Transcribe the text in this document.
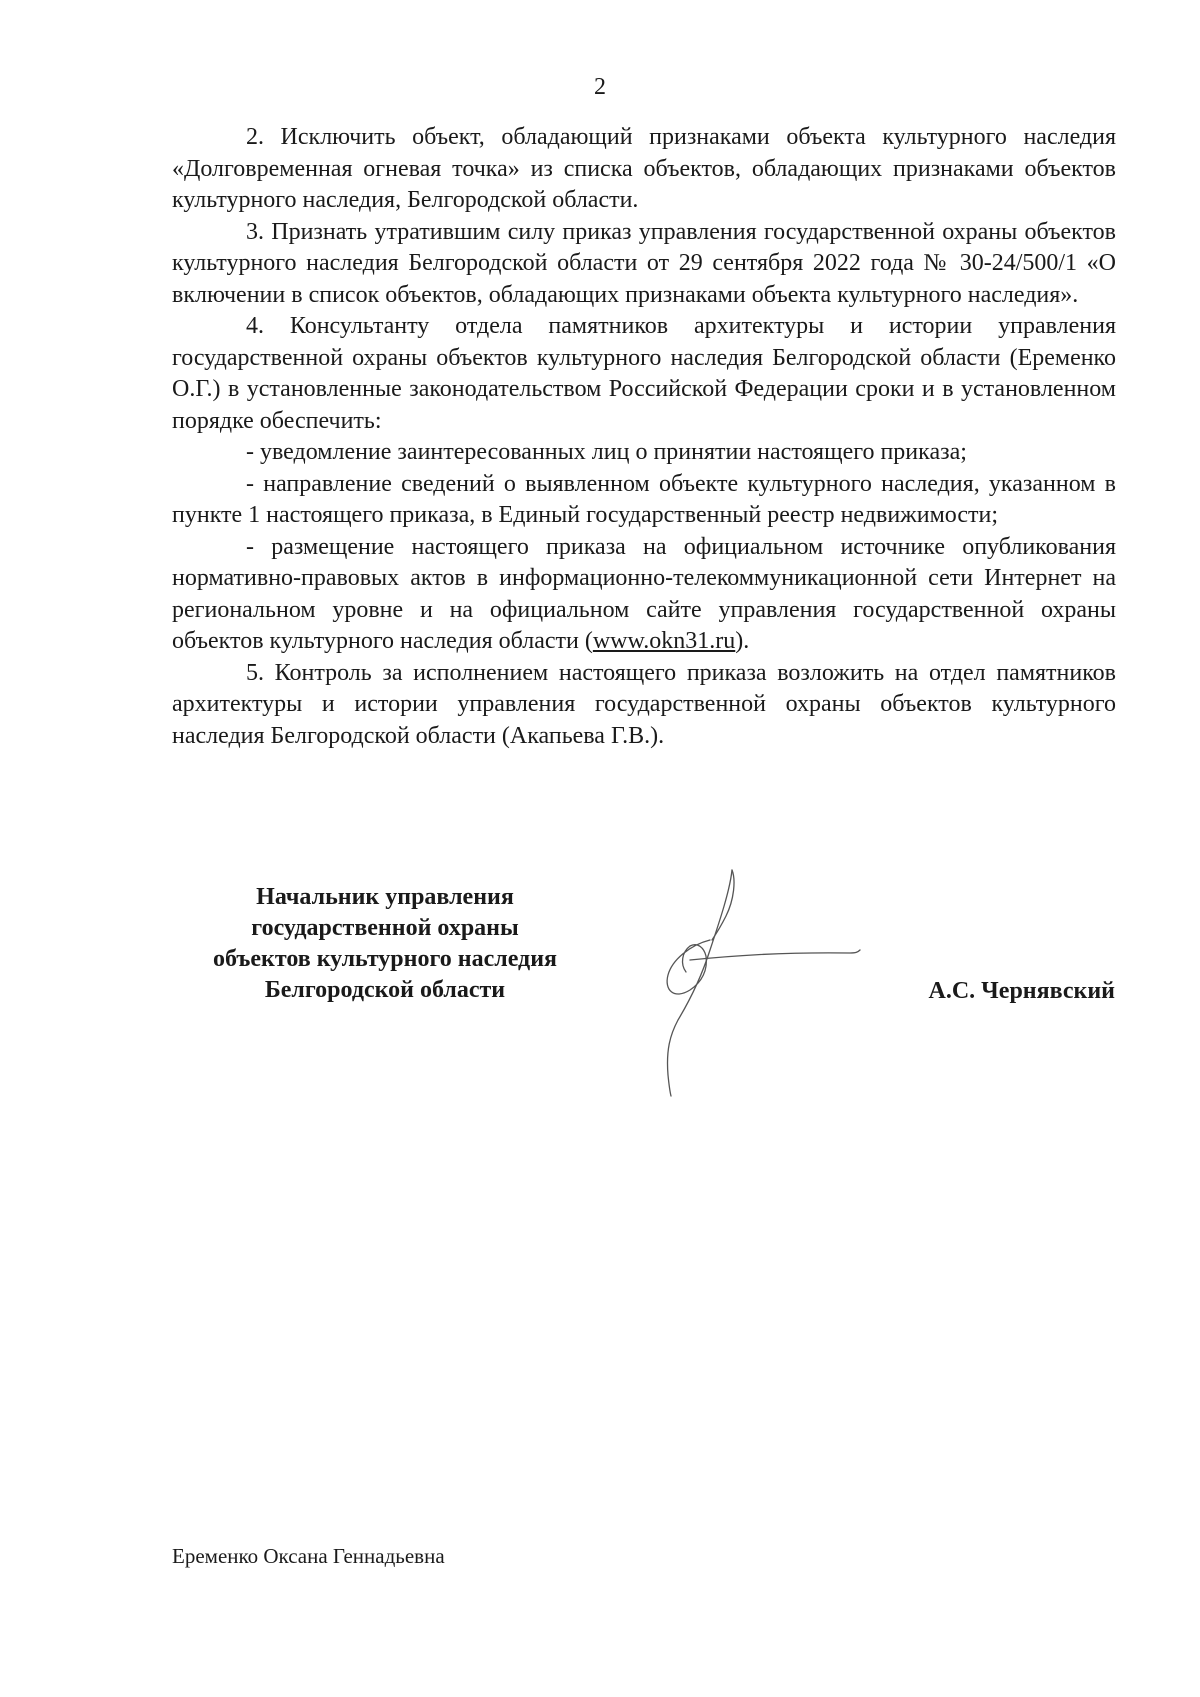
2

2. Исключить объект, обладающий признаками объекта культурного наследия «Долговременная огневая точка» из списка объектов, обладающих признаками объектов культурного наследия, Белгородской области.

3. Признать утратившим силу приказ управления государственной охраны объектов культурного наследия Белгородской области от 29 сентября 2022 года № 30-24/500/1 «О включении в список объектов, обладающих признаками объекта культурного наследия».

4. Консультанту отдела памятников архитектуры и истории управления государственной охраны объектов культурного наследия Белгородской области (Еременко О.Г.) в установленные законодательством Российской Федерации сроки и в установленном порядке обеспечить:

- уведомление заинтересованных лиц о принятии настоящего приказа;

- направление сведений о выявленном объекте культурного наследия, указанном в пункте 1 настоящего приказа, в Единый государственный реестр недвижимости;

- размещение настоящего приказа на официальном источнике опубликования нормативно-правовых актов в информационно-телекоммуникационной сети Интернет на региональном уровне и на официальном сайте управления государственной охраны объектов культурного наследия области (www.okn31.ru).

5. Контроль за исполнением настоящего приказа возложить на отдел памятников архитектуры и истории управления государственной охраны объектов культурного наследия Белгородской области (Акапьева Г.В.).

Начальник управления
государственной охраны
объектов культурного наследия
Белгородской области	А.С. Чернявский
Еременко Оксана Геннадьевна
